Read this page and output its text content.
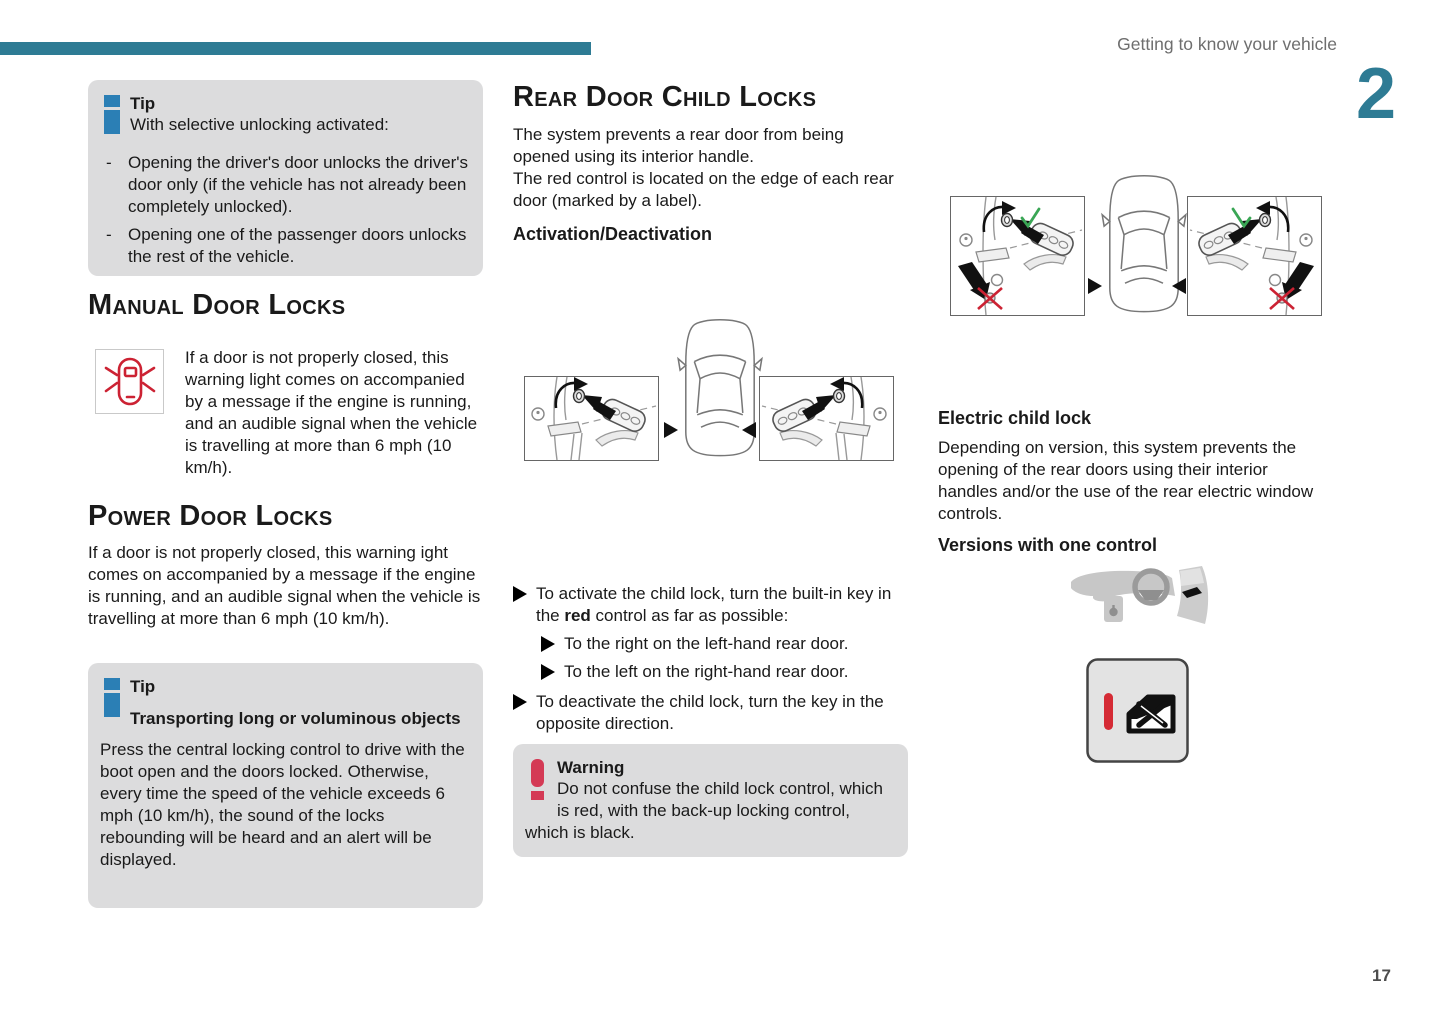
Getting to know your vehicle
2
Tip
With selective unlocking activated:
- Opening the driver's door unlocks the driver's door only (if the vehicle has not already been completely unlocked).
- Opening one of the passenger doors unlocks the rest of the vehicle.
Manual Door Locks
If a door is not properly closed, this warning light comes on accompanied by a message if the engine is running, and an audible signal when the vehicle is travelling at more than 6 mph (10 km/h).
Power Door Locks
If a door is not properly closed, this warning ight comes on accompanied by a message if the engine is running, and an audible signal when the vehicle is travelling at more than 6 mph (10 km/h).
Tip
Transporting long or voluminous objects
Press the central locking control to drive with the boot open and the doors locked. Otherwise, every time the speed of the vehicle exceeds 6 mph (10 km/h), the sound of the locks rebounding will be heard and an alert will be displayed.
Rear Door Child Locks
The system prevents a rear door from being opened using its interior handle.
The red control is located on the edge of each rear door (marked by a label).
Activation/Deactivation
To activate the child lock, turn the built-in key in the red control as far as possible:
To the right on the left-hand rear door.
To the left on the right-hand rear door.
To deactivate the child lock, turn the key in the opposite direction.
Warning
Do not confuse the child lock control, which is red, with the back-up locking control, which is black.
Electric child lock
Depending on version, this system prevents the opening of the rear doors using their interior handles and/or the use of the rear electric window controls.
Versions with one control
17
